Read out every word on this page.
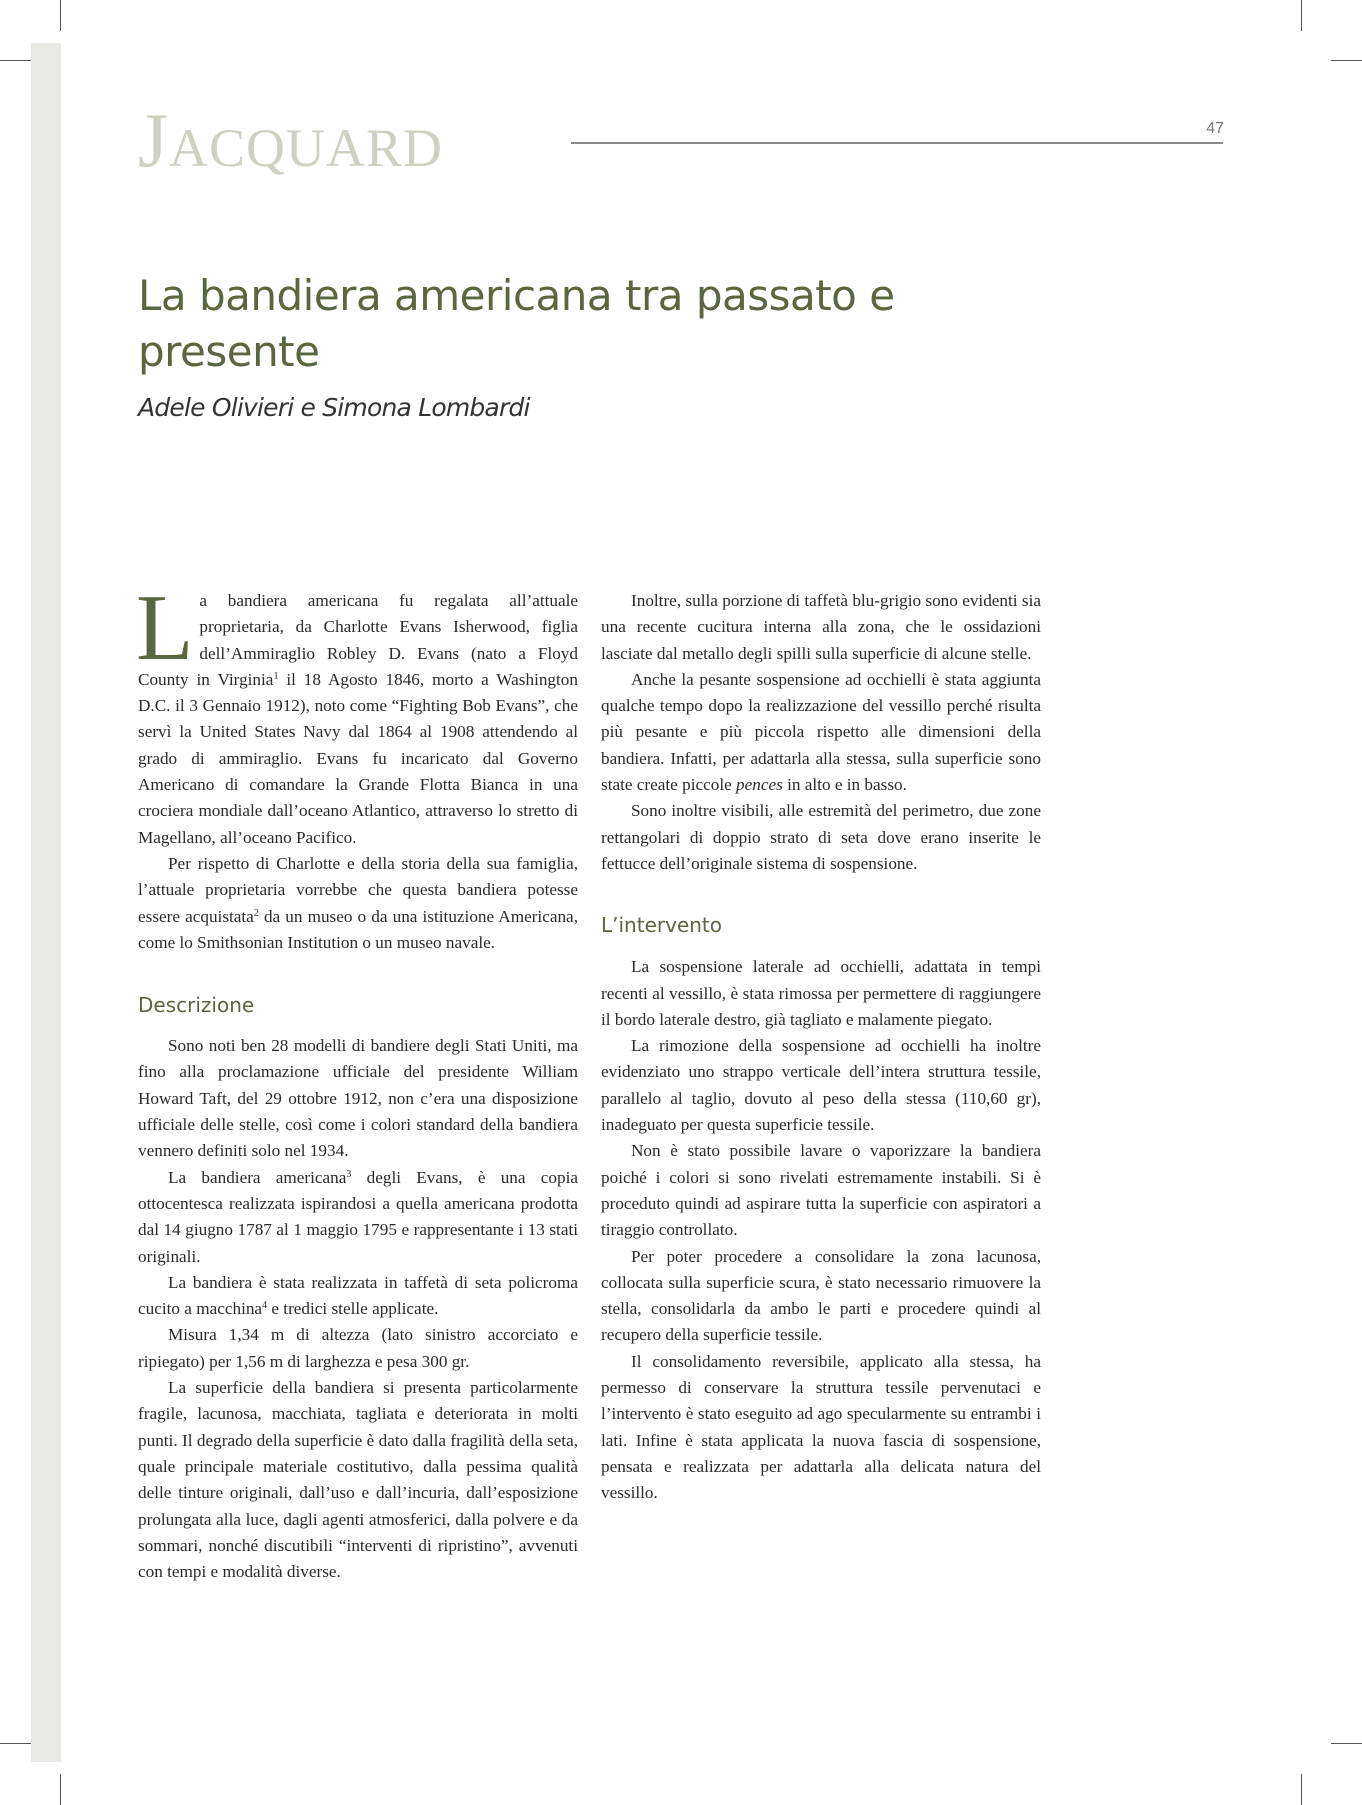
Jacquard	47
La bandiera americana tra passato e presente
Adele Olivieri e Simona Lombardi

La bandiera americana fu regalata all’attuale proprietaria, da Charlotte Evans Isherwood, figlia dell’Ammiraglio Robley D. Evans (nato a Floyd County in Virginia$^1$ il 18 Agosto 1846, morto a Washington D.C. il 3 Gennaio 1912), noto come “Fighting Bob Evans”, che servì la United States Navy dal 1864 al 1908 attendendo al grado di ammiraglio. Evans fu incaricato dal Governo Americano di comandare la Grande Flotta Bianca in una crociera mondiale dall’oceano Atlantico, attraverso lo stretto di Magellano, all’oceano Pacifico.

Per rispetto di Charlotte e della storia della sua famiglia, l’attuale proprietaria vorrebbe che questa bandiera potesse essere acquistata$^2$ da un museo o da una istituzione Americana, come lo Smithsonian Institution o un museo navale.

Descrizione

Sono noti ben 28 modelli di bandiere degli Stati Uniti, ma fino alla proclamazione ufficiale del presidente William Howard Taft, del 29 ottobre 1912, non c’era una disposizione ufficiale delle stelle, così come i colori standard della bandiera vennero definiti solo nel 1934.

La bandiera americana$^3$ degli Evans, è una copia ottocentesca realizzata ispirandosi a quella americana prodotta dal 14 giugno 1787 al 1 maggio 1795 e rappresentante i 13 stati originali.

La bandiera è stata realizzata in taffetà di seta policroma cucito a macchina$^4$ e tredici stelle applicate.

Misura 1,34 m di altezza (lato sinistro accorciato e ripiegato) per 1,56 m di larghezza e pesa 300 gr.

La superficie della bandiera si presenta particolarmente fragile, lacunosa, macchiata, tagliata e deteriorata in molti punti. Il degrado della superficie è dato dalla fragilità della seta, quale principale materiale costitutivo, dalla pessima qualità delle tinture originali, dall’uso e dall’incuria, dall’esposizione prolungata alla luce, dagli agenti atmosferici, dalla polvere e da sommari, nonché discutibili “interventi di ripristino”, avvenuti con tempi e modalità diverse.

Inoltre, sulla porzione di taffetà blu-grigio sono evidenti sia una recente cucitura interna alla zona, che le ossidazioni lasciate dal metallo degli spilli sulla superficie di alcune stelle.

Anche la pesante sospensione ad occhielli è stata aggiunta qualche tempo dopo la realizzazione del vessillo perché risulta più pesante e più piccola rispetto alle dimensioni della bandiera. Infatti, per adattarla alla stessa, sulla superficie sono state create piccole pences in alto e in basso.

Sono inoltre visibili, alle estremità del perimetro, due zone rettangolari di doppio strato di seta dove erano inserite le fettucce dell’originale sistema di sospensione.

L’intervento

La sospensione laterale ad occhielli, adattata in tempi recenti al vessillo, è stata rimossa per permettere di raggiungere il bordo laterale destro, già tagliato e malamente piegato.

La rimozione della sospensione ad occhielli ha inoltre evidenziato uno strappo verticale dell’intera struttura tessile, parallelo al taglio, dovuto al peso della stessa (110,60 gr), inadeguato per questa superficie tessile.

Non è stato possibile lavare o vaporizzare la bandiera poiché i colori si sono rivelati estremamente instabili. Si è proceduto quindi ad aspirare tutta la superficie con aspiratori a tiraggio controllato.

Per poter procedere a consolidare la zona lacunosa, collocata sulla superficie scura, è stato necessario rimuovere la stella, consolidarla da ambo le parti e procedere quindi al recupero della superficie tessile.

Il consolidamento reversibile, applicato alla stessa, ha permesso di conservare la struttura tessile pervenutaci e l’intervento è stato eseguito ad ago specularmente su entrambi i lati. Infine è stata applicata la nuova fascia di sospensione, pensata e realizzata per adattarla alla delicata natura del vessillo.
